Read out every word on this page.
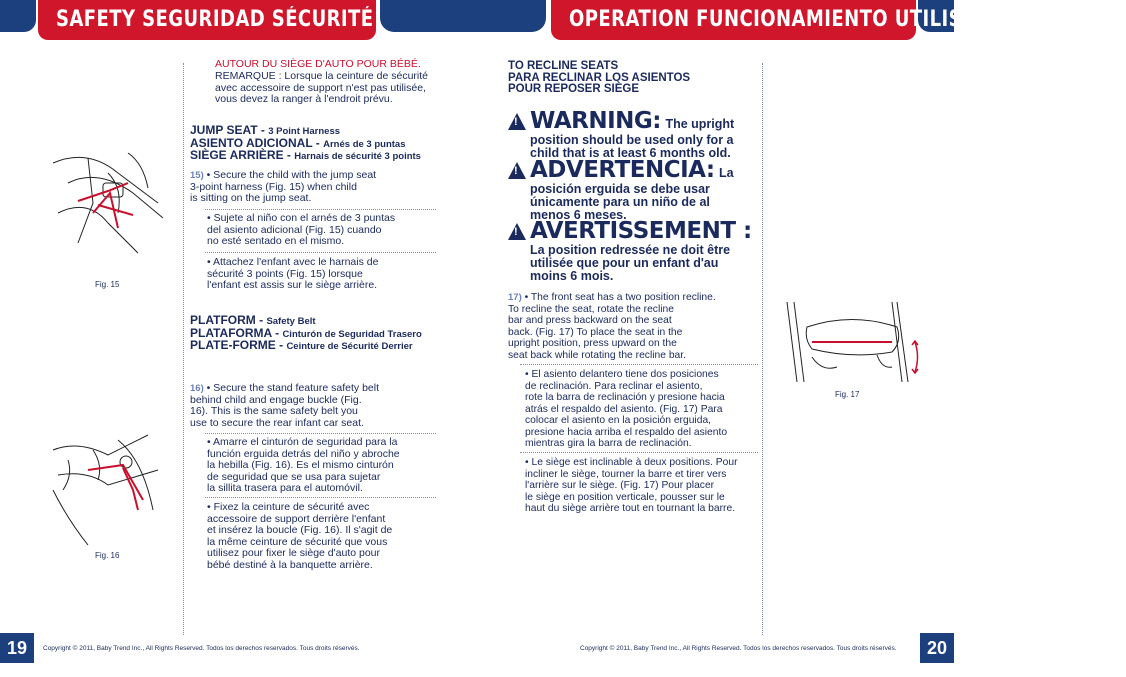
SAFETY SEGURIDAD SÉCURITÉ	OPERATION FUNCIONAMIENTO UTILISATION
19	20
Copyright © 2011, Baby Trend Inc., All Rights Reserved. Todos los derechos reservados. Tous droits réservés.	Copyright © 2011, Baby Trend Inc., All Rights Reserved. Todos los derechos reservados. Tous droits réservés.
AUTOUR DU SIÈGE D'AUTO POUR BÉBÉ.
REMARQUE : Lorsque la ceinture de sécurité
avec accessoire de support n'est pas utilisée,
vous devez la ranger à l'endroit prévu.
JUMP SEAT - 3 Point Harness
ASIENTO ADICIONAL - Arnés de 3 puntas
SIÈGE ARRIÈRE - Harnais de sécurité 3 points
15) • Secure the child with the jump seat
3-point harness (Fig. 15) when child
is sitting on the jump seat.
• Sujete al niño con el arnés de 3 puntas
del asiento adicional (Fig. 15) cuando
no esté sentado en el mismo.
• Attachez l'enfant avec le harnais de
sécurité 3 points (Fig. 15) lorsque
l'enfant est assis sur le siège arrière.
Fig. 15
PLATFORM - Safety Belt
PLATAFORMA - Cinturón de Seguridad Trasero
PLATE-FORME - Ceinture de Sécurité Derrier
16) • Secure the stand feature safety belt
behind child and engage buckle (Fig.
16). This is the same safety belt you
use to secure the rear infant car seat.
• Amarre el cinturón de seguridad para la
función erguida detrás del niño y abroche
la hebilla (Fig. 16). Es el mismo cinturón
de seguridad que se usa para sujetar
la sillita trasera para el automóvil.
• Fixez la ceinture de sécurité avec
accessoire de support derrière l'enfant
et insérez la boucle (Fig. 16). Il s'agit de
la même ceinture de sécurité que vous
utilisez pour fixer le siège d'auto pour
bébé destiné à la banquette arrière.
Fig. 16
TO RECLINE SEATS
PARA RECLINAR LOS ASIENTOS
POUR REPOSER SIÈGE
!WARNING: The upright
position should be used only for a
child that is at least 6 months old.
!ADVERTENCIA: La
posición erguida se debe usar
únicamente para un niño de al
menos 6 meses.
!AVERTISSEMENT :
La position redressée ne doit être
utilisée que pour un enfant d'au
moins 6 mois.
17) • The front seat has a two position recline.
To recline the seat, rotate the recline
bar and press backward on the seat
back. (Fig. 17) To place the seat in the
upright position, press upward on the
seat back while rotating the recline bar.
• El asiento delantero tiene dos posiciones
de reclinación. Para reclinar el asiento,
rote la barra de reclinación y presione hacia
atrás el respaldo del asiento. (Fig. 17) Para
colocar el asiento en la posición erguida,
presione hacia arriba el respaldo del asiento
mientras gira la barra de reclinación.
• Le siège est inclinable à deux positions. Pour
incliner le siège, tourner la barre et tirer vers
l'arrière sur le siège. (Fig. 17) Pour placer
le siège en position verticale, pousser sur le
haut du siège arrière tout en tournant la barre.
Fig. 17
